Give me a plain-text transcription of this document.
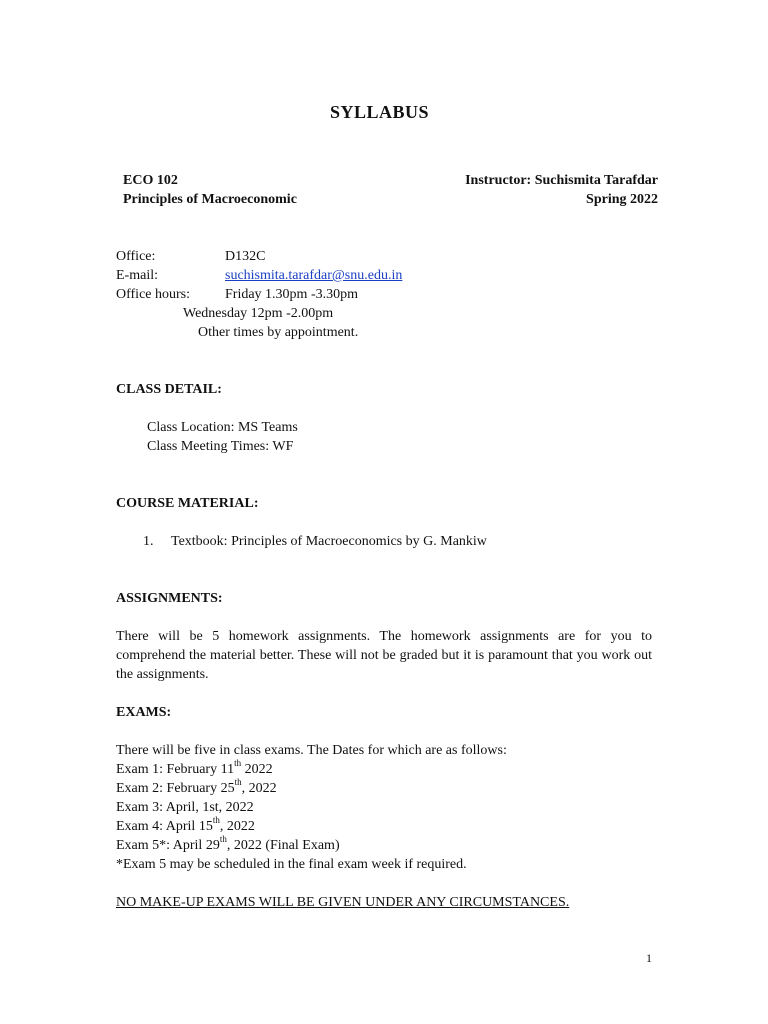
SYLLABUS
ECO 102
Principles of Macroeconomic
Instructor: Suchismita Tarafdar
Spring 2022
Office:	D132C
E-mail:	suchismita.tarafdar@snu.edu.in
Office hours:	Friday 1.30pm -3.30pm
Wednesday 12pm -2.00pm
Other times by appointment.
CLASS DETAIL:
Class Location: MS Teams
Class Meeting Times: WF
COURSE MATERIAL:
1. Textbook: Principles of Macroeconomics by G. Mankiw
ASSIGNMENTS:
There will be 5 homework assignments. The homework assignments are for you to comprehend the material better. These will not be graded but it is paramount that you work out the assignments.
EXAMS:
There will be five in class exams. The Dates for which are as follows:
Exam 1: February 11th 2022
Exam 2: February 25th, 2022
Exam 3: April, 1st, 2022
Exam 4: April 15th, 2022
Exam 5*: April 29th, 2022 (Final Exam)
*Exam 5 may be scheduled in the final exam week if required.
NO MAKE-UP EXAMS WILL BE GIVEN UNDER ANY CIRCUMSTANCES.
1
